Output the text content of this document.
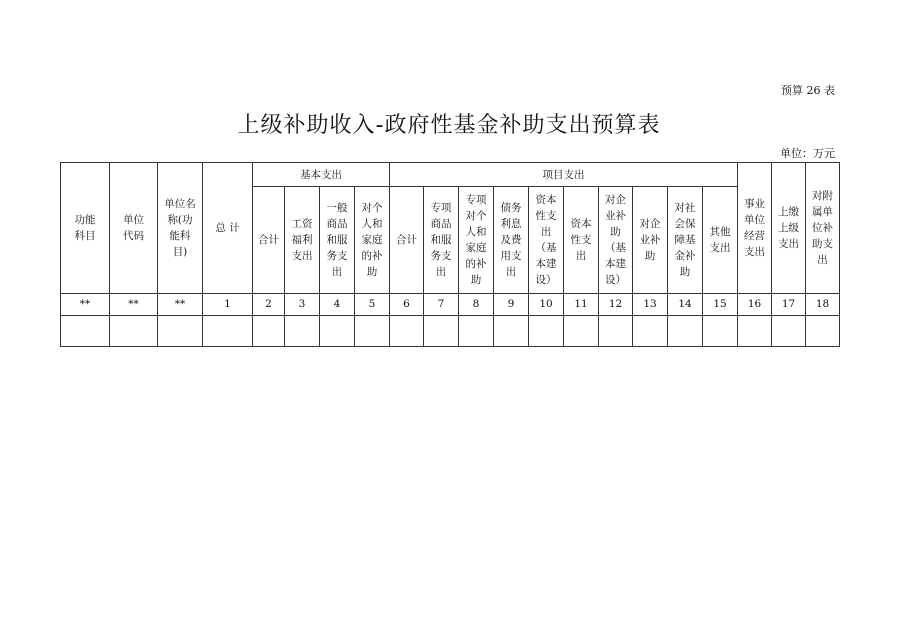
预算 26 表
上级补助收入-政府性基金补助支出预算表
单位：万元
功能科目	单位代码	单位名称(功能科目)	总 计	基本支出				项目支出										事业单位经营支出	上缴上级支出	对附属单位补助支出
				合计	工资福利支出	一般商品和服务支出	对个人和家庭的补助	合计	专项商品和服务支出	专项对个人和家庭的补助	债务利息及费用支出	资本性支出（基本建设）	资本性支出	对企业补助（基本建设）	对企业补助	对社会保障基金补助	其他支出			
**	**	**	1	2	3	4	5	6	7	8	9	10	11	12	13	14	15	16	17	18
